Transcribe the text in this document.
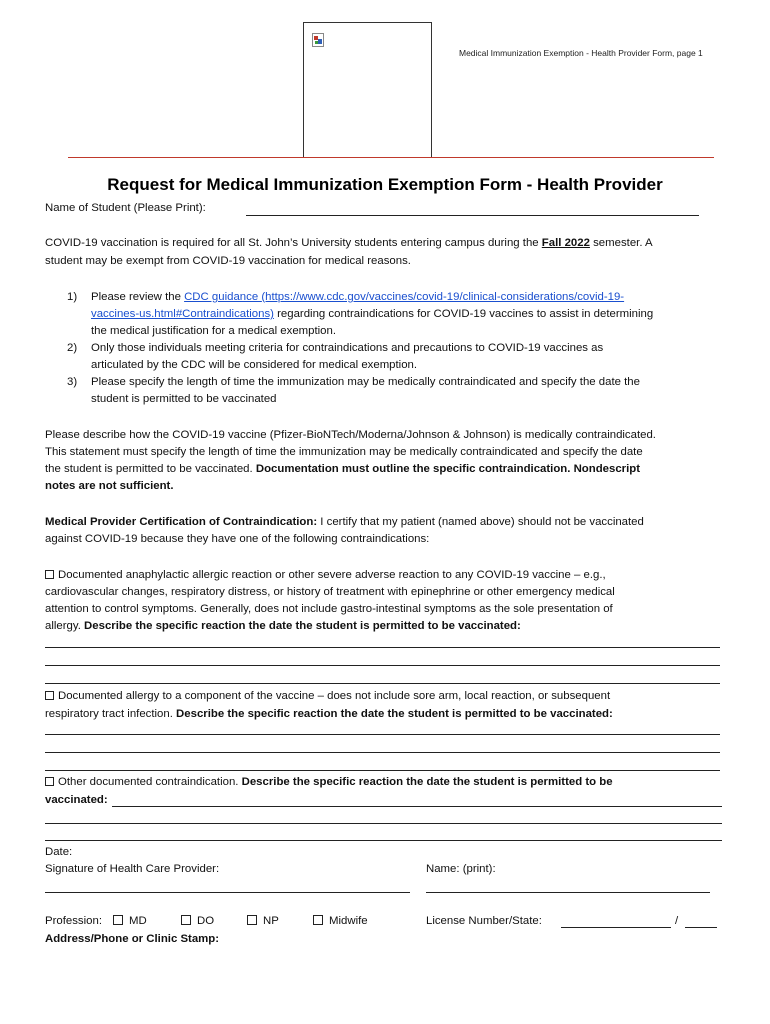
Medical Immunization Exemption - Health Provider Form, page 1
Request for Medical Immunization Exemption Form - Health Provider
Name of Student (Please Print):
COVID-19 vaccination is required for all St. John’s University students entering campus during the Fall 2022 semester. A
student may be exempt from COVID-19 vaccination for medical reasons.
1) Please review the CDC guidance (https://www.cdc.gov/vaccines/covid-19/clinical-considerations/covid-19-
vaccines-us.html#Contraindications) regarding contraindications for COVID-19 vaccines to assist in determining
the medical justification for a medical exemption.
2) Only those individuals meeting criteria for contraindications and precautions to COVID-19 vaccines as
articulated by the CDC will be considered for medical exemption.
3) Please specify the length of time the immunization may be medically contraindicated and specify the date the
student is permitted to be vaccinated
Please describe how the COVID-19 vaccine (Pfizer-BioNTech/Moderna/Johnson & Johnson) is medically contraindicated.
This statement must specify the length of time the immunization may be medically contraindicated and specify the date
the student is permitted to be vaccinated. Documentation must outline the specific contraindication. Nondescript
notes are not sufficient.
Medical Provider Certification of Contraindication: I certify that my patient (named above) should not be vaccinated
against COVID-19 because they have one of the following contraindications:
Documented anaphylactic allergic reaction or other severe adverse reaction to any COVID-19 vaccine – e.g.,
cardiovascular changes, respiratory distress, or history of treatment with epinephrine or other emergency medical
attention to control symptoms. Generally, does not include gastro-intestinal symptoms as the sole presentation of
allergy. Describe the specific reaction the date the student is permitted to be vaccinated:
Documented allergy to a component of the vaccine – does not include sore arm, local reaction, or subsequent
respiratory tract infection. Describe the specific reaction the date the student is permitted to be vaccinated:
Other documented contraindication. Describe the specific reaction the date the student is permitted to be
vaccinated:
Date:
Signature of Health Care Provider:	Name: (print):
Profession: MD	DO	NP	Midwife	License Number/State:	/
Address/Phone or Clinic Stamp:
